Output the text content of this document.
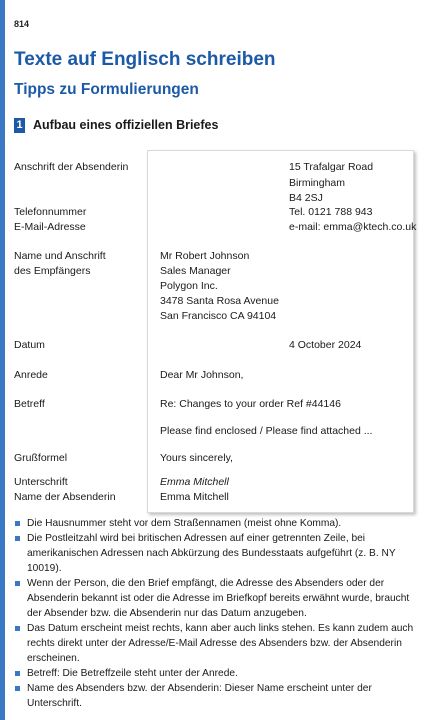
814
Texte auf Englisch schreiben
Tipps zu Formulierungen
1 Aufbau eines offiziellen Briefes
Anschrift der Absenderin
Telefonnummer
E-Mail-Adresse
Name und Anschrift
des Empfängers
Datum
Anrede
Betreff
Grußformel
Unterschrift
Name der Absenderin
15 Trafalgar Road
Birmingham
B4 2SJ
Tel. 0121 788 943
e-mail: emma@ktech.co.uk
Mr Robert Johnson
Sales Manager
Polygon Inc.
3478 Santa Rosa Avenue
San Francisco CA 94104
4 October 2024
Dear Mr Johnson,
Re: Changes to your order Ref #44146
Please find enclosed / Please find attached ...
Yours sincerely,
Emma Mitchell
Emma Mitchell
Die Hausnummer steht vor dem Straßennamen (meist ohne Komma).
Die Postleitzahl wird bei britischen Adressen auf einer getrennten Zeile, bei
amerikanischen Adressen nach Abkürzung des Bundesstaats aufgeführt (z. B. NY 10019).
Wenn der Person, die den Brief empfängt, die Adresse des Absenders oder der
Absenderin bekannt ist oder die Adresse im Briefkopf bereits erwähnt wurde, braucht
der Absender bzw. die Absenderin nur das Datum anzugeben.
Das Datum erscheint meist rechts, kann aber auch links stehen. Es kann zudem auch
rechts direkt unter der Adresse/E-Mail Adresse des Absenders bzw. der Absenderin
erscheinen.
Betreff: Die Betreffzeile steht unter der Anrede.
Name des Absenders bzw. der Absenderin: Dieser Name erscheint unter der
Unterschrift.
